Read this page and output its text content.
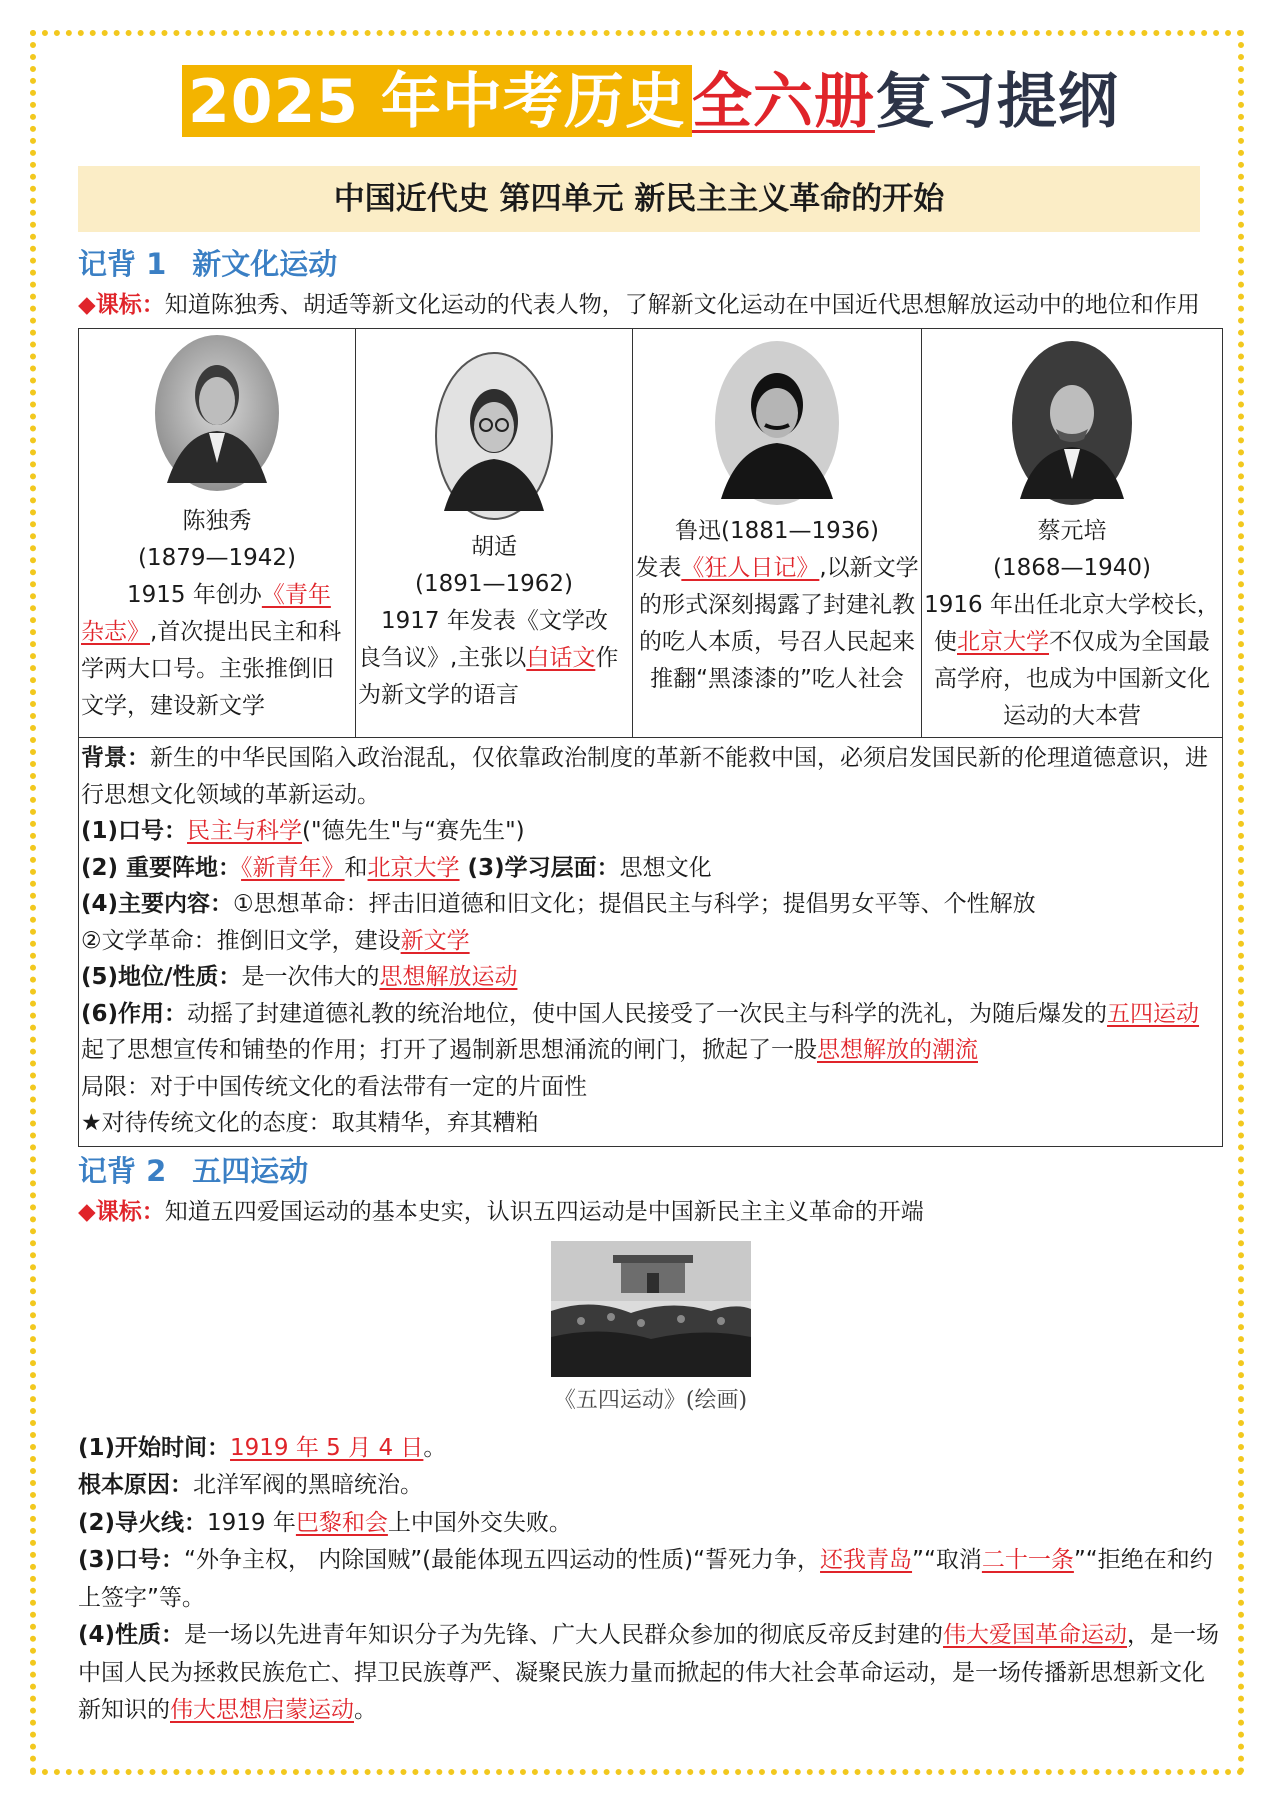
2025 年中考历史 全六册复习提纲
中国近代史 第四单元 新民主主义革命的开始
记背 1 新文化运动
◆课标：知道陈独秀、胡适等新文化运动的代表人物，了解新文化运动在中国近代思想解放运动中的地位和作用
陈独秀
(1879—1942)
1915 年创办《青年杂志》,首次提出民主和科学两大口号。主张推倒旧文学，建设新文学

胡适
(1891—1962)
1917 年发表《文学改良刍议》,主张以白话文作为新文学的语言

鲁迅(1881—1936)
发表《狂人日记》,以新文学的形式深刻揭露了封建礼教的吃人本质，号召人民起来推翻“黑漆漆的”吃人社会

蔡元培
(1868—1940)
1916 年出任北京大学校长，使北京大学不仅成为全国最高学府，也成为中国新文化运动的大本营
背景：新生的中华民国陷入政治混乱，仅依靠政治制度的革新不能救中国，必须启发国民新的伦理道德意识，进行思想文化领域的革新运动。
(1)口号：民主与科学("德先生"与“赛先生")
(2) 重要阵地：《新青年》和北京大学 (3)学习层面：思想文化
(4)主要内容：①思想革命：抨击旧道德和旧文化；提倡民主与科学；提倡男女平等、个性解放
②文学革命：推倒旧文学，建设新文学
(5)地位/性质：是一次伟大的思想解放运动
(6)作用：动摇了封建道德礼教的统治地位，使中国人民接受了一次民主与科学的洗礼，为随后爆发的五四运动起了思想宣传和铺垫的作用；打开了遏制新思想涌流的闸门，掀起了一股思想解放的潮流
局限：对于中国传统文化的看法带有一定的片面性
★对待传统文化的态度：取其精华，弃其糟粕
记背 2 五四运动
◆课标：知道五四爱国运动的基本史实，认识五四运动是中国新民主主义革命的开端
《五四运动》(绘画)
(1)开始时间：1919 年 5 月 4 日。
根本原因：北洋军阀的黑暗统治。
(2)导火线：1919 年巴黎和会上中国外交失败。
(3)口号：“外争主权， 内除国贼”(最能体现五四运动的性质)“誓死力争，还我青岛”“取消二十一条”“拒绝在和约上签字”等。
(4)性质：是一场以先进青年知识分子为先锋、广大人民群众参加的彻底反帝反封建的伟大爱国革命运动，是一场中国人民为拯救民族危亡、捍卫民族尊严、凝聚民族力量而掀起的伟大社会革命运动，是一场传播新思想新文化新知识的伟大思想启蒙运动。
